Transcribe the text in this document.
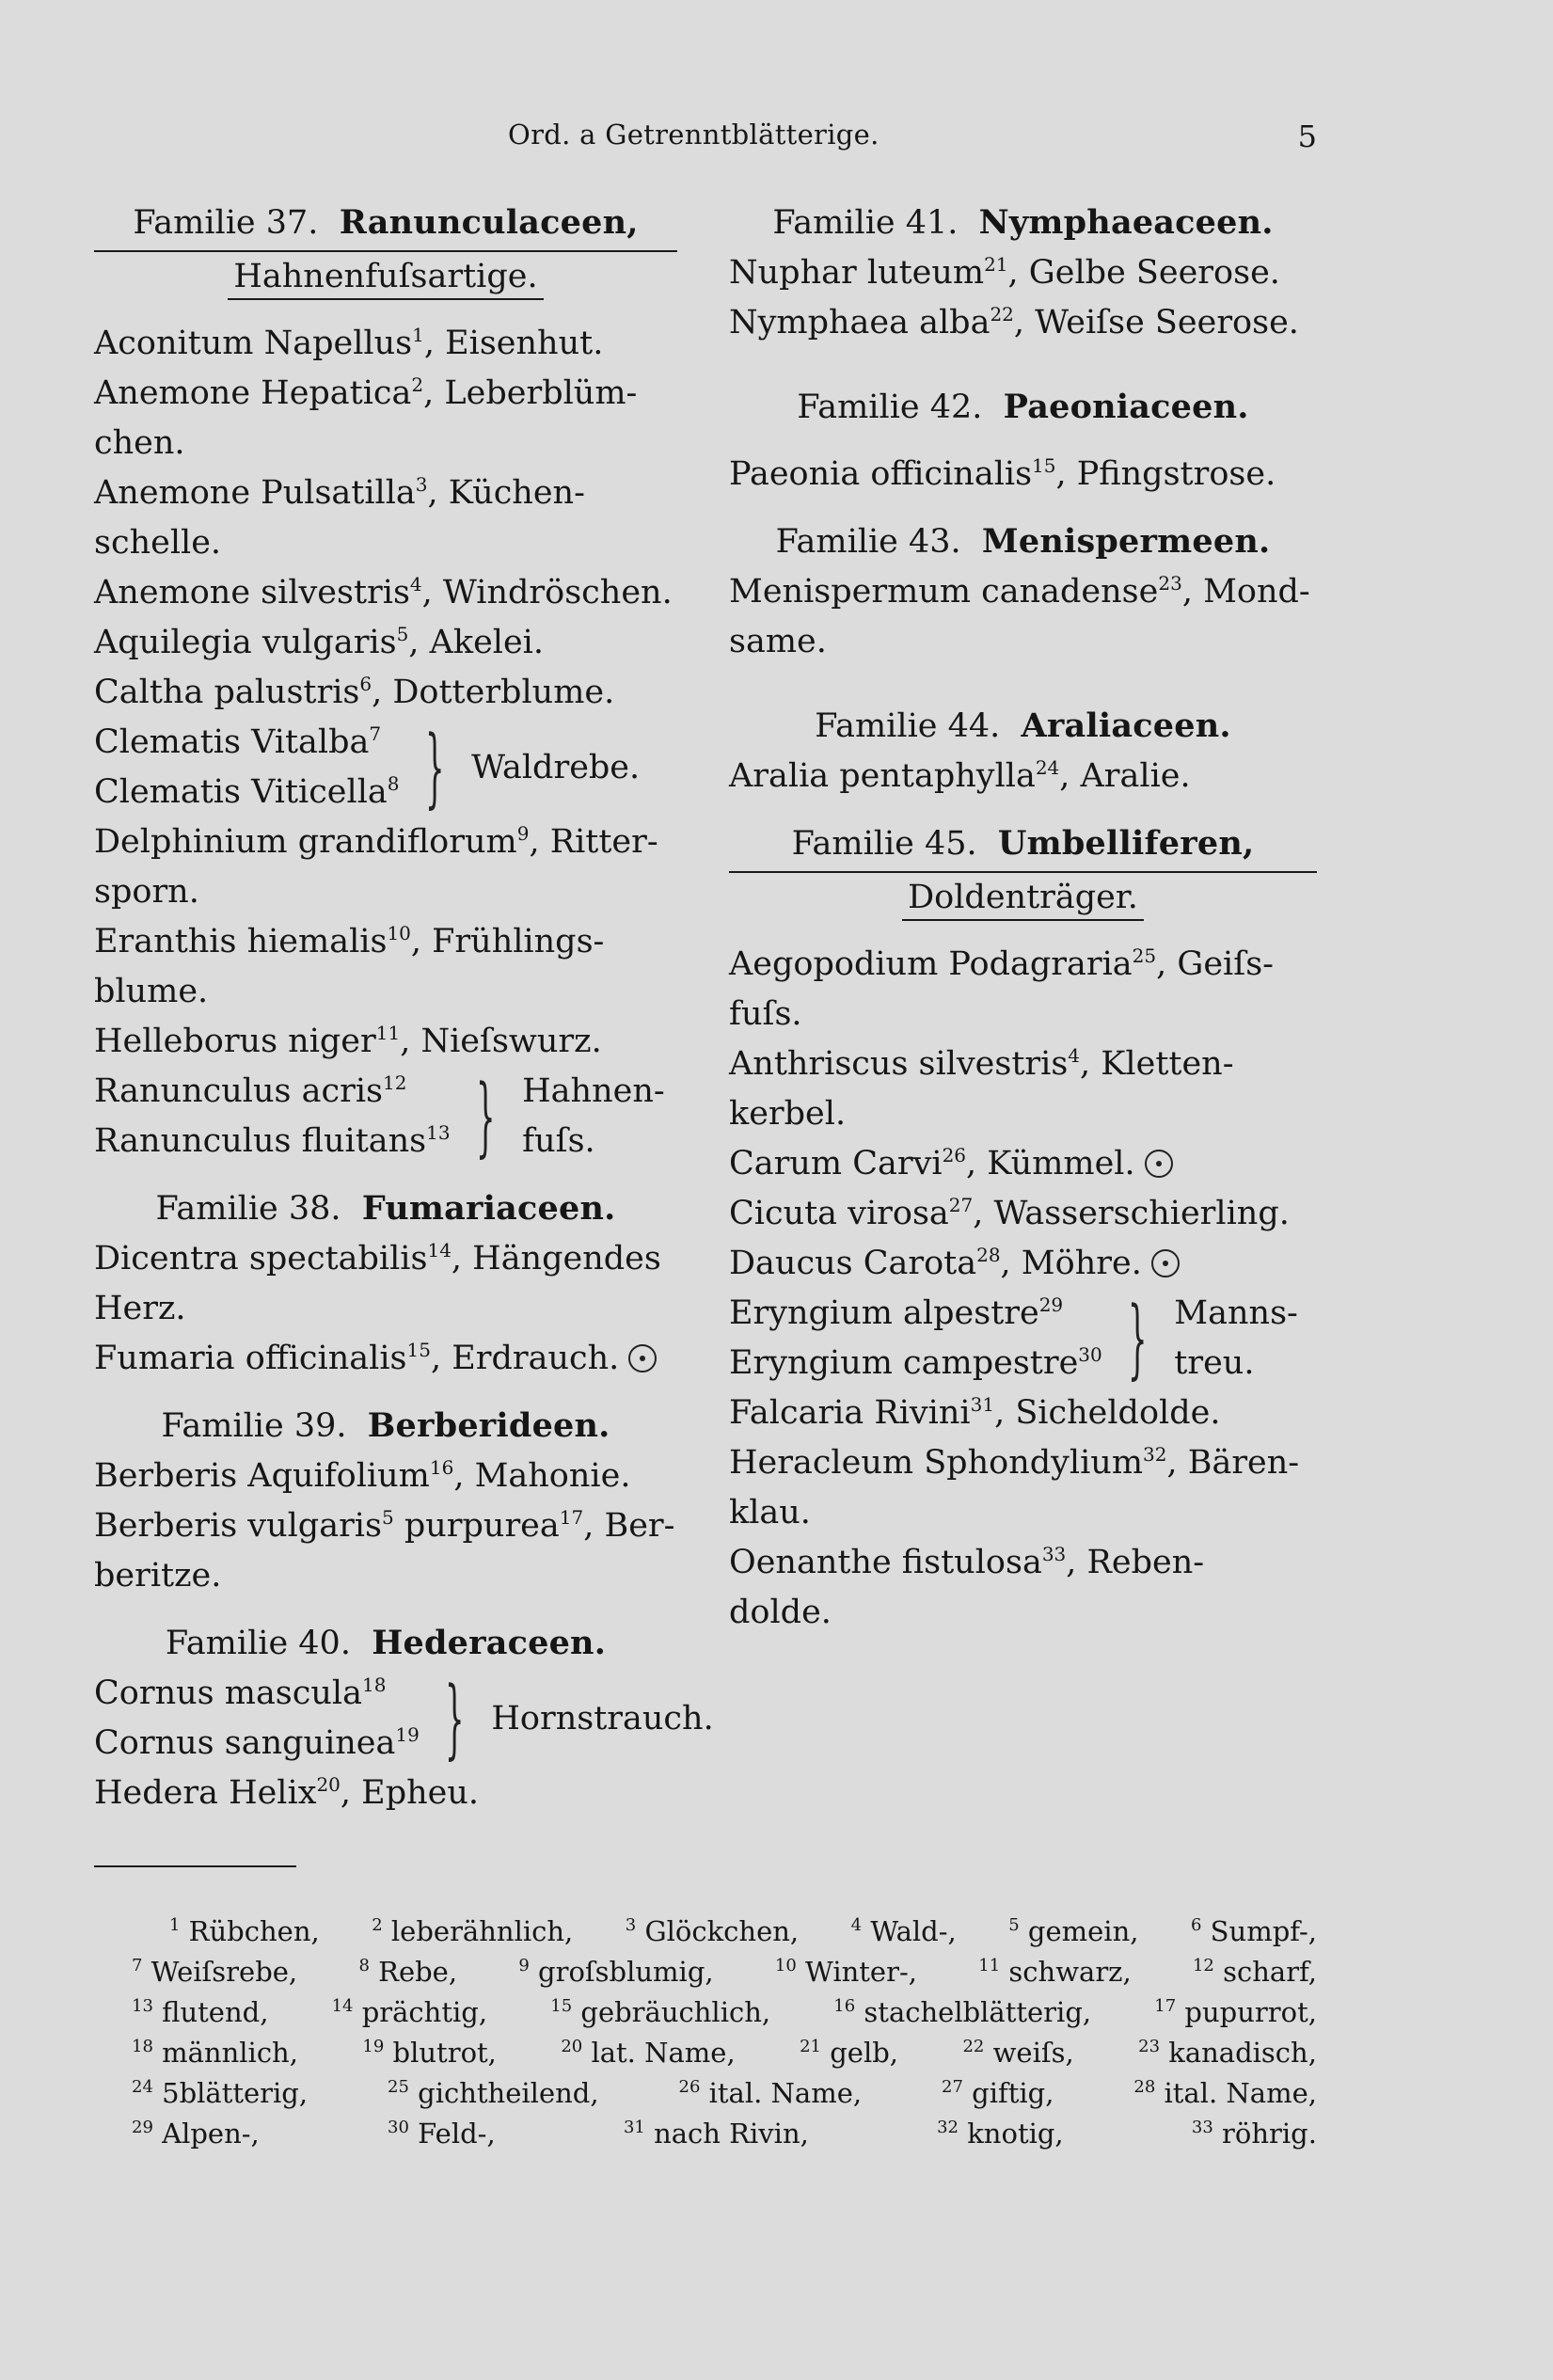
Ord. a Getrenntblätterige.	5
Familie 37. Ranunculaceen,
Hahnenfuſsartige.
Aconitum Napellus$^1$, Eisenhut.
Anemone Hepatica$^2$, Leberblüm-
chen.
Anemone Pulsatilla$^3$, Küchen-
schelle.
Anemone silvestris$^4$, Windröschen.
Aquilegia vulgaris$^5$, Akelei.
Caltha palustris$^6$, Dotterblume.
Clematis Vitalba$^7$
Clematis Viticella$^8$ } Waldrebe.
Delphinium grandiflorum$^9$, Ritter-
sporn.
Eranthis hiemalis$^{10}$, Frühlings-
blume.
Helleborus niger$^{11}$, Nieſswurz.
Ranunculus acris$^{12}$
Ranunculus fluitans$^{13}$ } Hahnen-
fuſs.
Familie 38. Fumariaceen.
Dicentra spectabilis$^{14}$, Hängendes
Herz.
Fumaria officinalis$^{15}$, Erdrauch.
Familie 39. Berberideen.
Berberis Aquifolium$^{16}$, Mahonie.
Berberis vulgaris$^5$ purpurea$^{17}$, Ber-
beritze.
Familie 40. Hederaceen.
Cornus mascula$^{18}$
Cornus sanguinea$^{19}$ } Hornstrauch.
Hedera Helix$^{20}$, Epheu.
Familie 41. Nymphaeaceen.
Nuphar luteum$^{21}$, Gelbe Seerose.
Nymphaea alba$^{22}$, Weiſse Seerose.
Familie 42. Paeoniaceen.
Paeonia officinalis$^{15}$, Pfingstrose.
Familie 43. Menispermeen.
Menispermum canadense$^{23}$, Mond-
same.
Familie 44. Araliaceen.
Aralia pentaphylla$^{24}$, Aralie.
Familie 45. Umbelliferen,
Doldenträger.
Aegopodium Podagraria$^{25}$, Geiſs-
fuſs.
Anthriscus silvestris$^4$, Kletten-
kerbel.
Carum Carvi$^{26}$, Kümmel.
Cicuta virosa$^{27}$, Wasserschierling.
Daucus Carota$^{28}$, Möhre.
Eryngium alpestre$^{29}$
Eryngium campestre$^{30}$ } Manns-
treu.
Falcaria Rivini$^{31}$, Sicheldolde.
Heracleum Sphondylium$^{32}$, Bären-
klau.
Oenanthe fistulosa$^{33}$, Reben-
dolde.
$^1$ Rübchen,	$^2$ leberähnlich,	$^3$ Glöckchen,	$^4$ Wald-,	$^5$ gemein,	$^6$ Sumpf-,
$^7$ Weiſsrebe,	$^8$ Rebe,	$^9$ groſsblumig,	$^{10}$ Winter-,	$^{11}$ schwarz,	$^{12}$ scharf,
$^{13}$ flutend,	$^{14}$ prächtig,	$^{15}$ gebräuchlich,	$^{16}$ stachelblätterig,	$^{17}$ pupurrot,
$^{18}$ männlich,	$^{19}$ blutrot,	$^{20}$ lat. Name,	$^{21}$ gelb,	$^{22}$ weiſs,	$^{23}$ kanadisch,
$^{24}$ 5blätterig,	$^{25}$ gichtheilend,	$^{26}$ ital. Name,	$^{27}$ giftig,	$^{28}$ ital. Name,
$^{29}$ Alpen-,	$^{30}$ Feld-,	$^{31}$ nach Rivin,	$^{32}$ knotig,	$^{33}$ röhrig.
